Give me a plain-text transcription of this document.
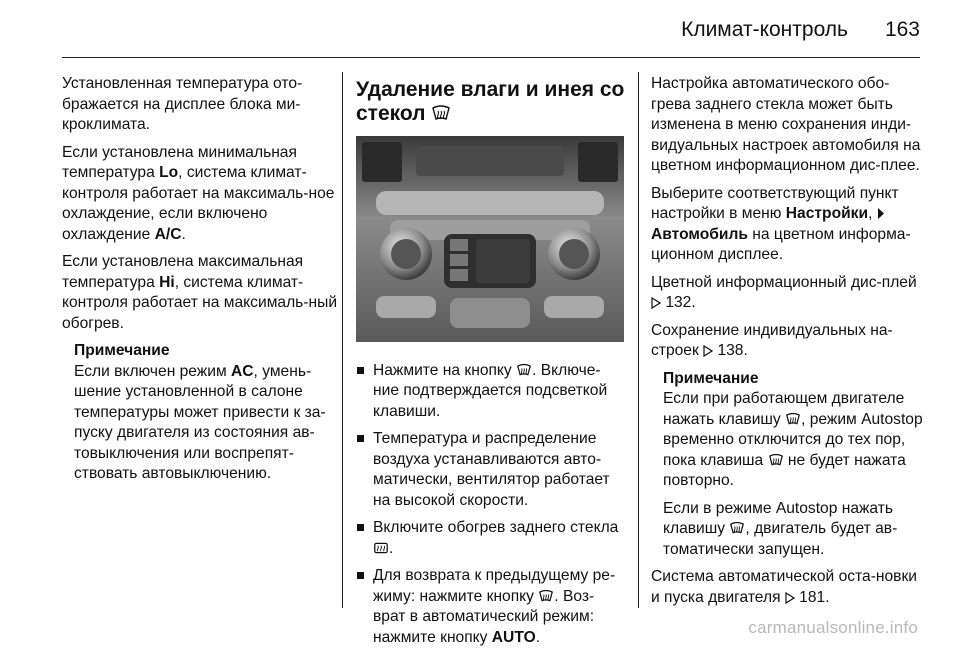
Климат-контроль 163

Установленная температура ото-бражается на дисплее блока ми-кроклимата.

Если установлена минимальная температура Lo, система климат-контроля работает на максималь-ное охлаждение, если включено охлаждение A/C.

Если установлена максимальная температура Hi, система климат-контроля работает на максималь-ный обогрев.

Примечание
Если включен режим AC, умень-шение установленной в салоне температуры может привести к за-пуску двигателя из состояния ав-товыключения или воспрепят-ствовать автовыключению.
Удаление влаги и инея со стекол
Нажмите на кнопку . Включе-ние подтверждается подсветкой клавиши.
Температура и распределение воздуха устанавливаются авто-матически, вентилятор работает на высокой скорости.
Включите обогрев заднего стекла .
Для возврата к предыдущему ре-жиму: нажмите кнопку . Воз-врат в автоматический режим: нажмите кнопку AUTO.

Настройка автоматического обо-грева заднего стекла может быть изменена в меню сохранения инди-видуальных настроек автомобиля на цветном информационном дис-плее.

Выберите соответствующий пункт настройки в меню Настройки,
Автомобиль на цветном информа-ционном дисплее.

Цветной информационный дис-плей  132.

Сохранение индивидуальных на-строек  138.

Примечание
Если при работающем двигателе нажать клавишу , режим Autostop временно отключится до тех пор, пока клавиша  не будет нажата повторно.

Если в режиме Autostop нажать клавишу , двигатель будет ав-томатически запущен.

Система автоматической оста-новки и пуска двигателя  181.

carmanualsonline.info
